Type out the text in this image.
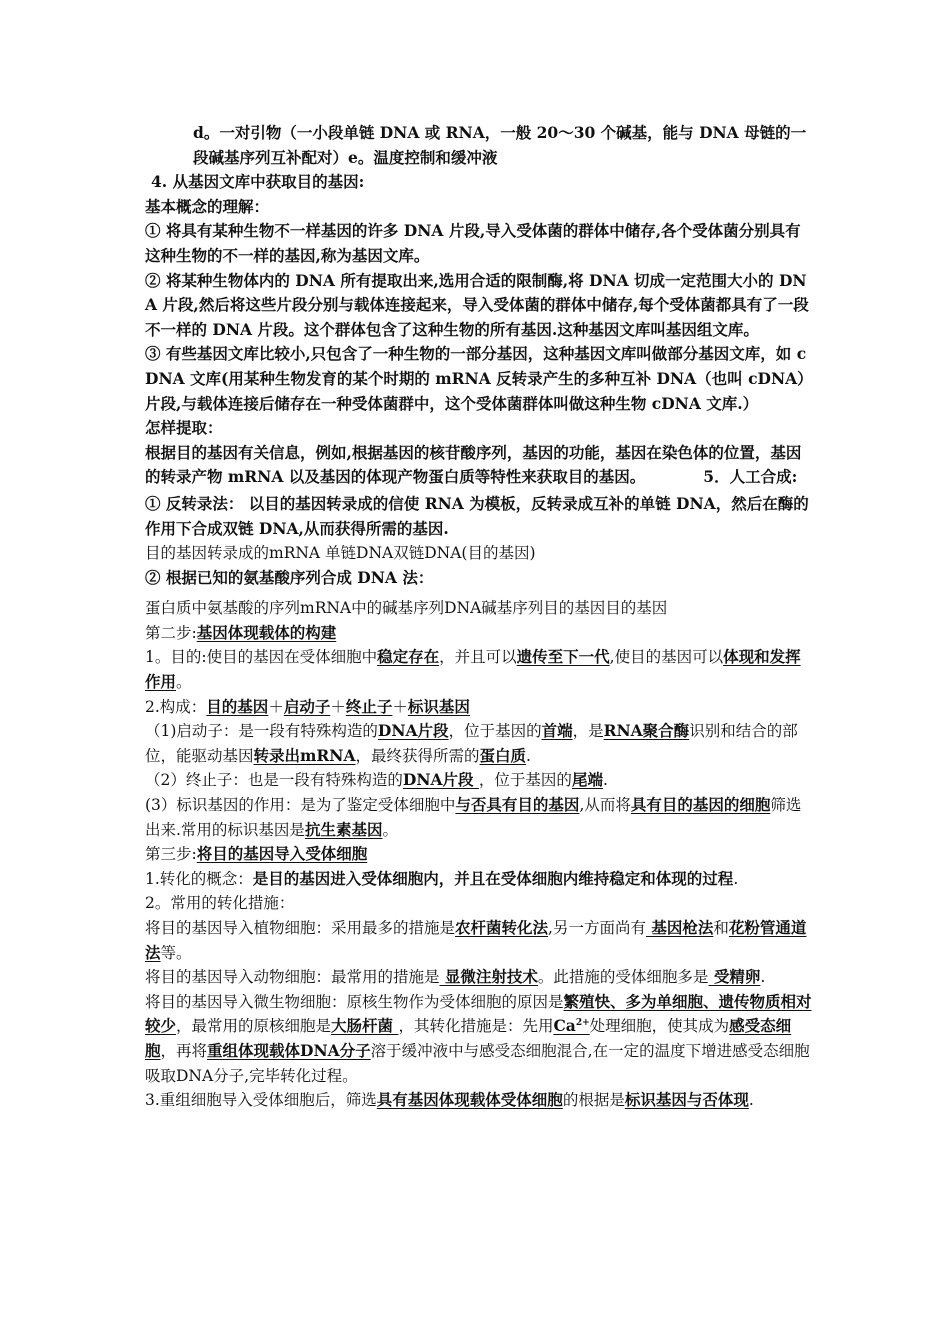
d。一对引物（一小段单链 DNA 或 RNA，一般 20～30 个碱基，能与 DNA 母链的一段碱基序列互补配对）e。温度控制和缓冲液

4. 从基因文库中获取目的基因:

基本概念的理解：

① 将具有某种生物不一样基因的许多 DNA 片段,导入受体菌的群体中储存,各个受体菌分别具有这种生物的不一样的基因,称为基因文库。

② 将某种生物体内的 DNA 所有提取出来,选用合适的限制酶,将 DNA 切成一定范围大小的 DNA 片段,然后将这些片段分别与载体连接起来，导入受体菌的群体中储存,每个受体菌都具有了一段不一样的 DNA 片段。这个群体包含了这种生物的所有基因.这种基因文库叫基因组文库。

③ 有些基因文库比较小,只包含了一种生物的一部分基因，这种基因文库叫做部分基因文库，如 cDNA 文库(用某种生物发育的某个时期的 mRNA 反转录产生的多种互补 DNA（也叫 cDNA）片段,与载体连接后储存在一种受体菌群中，这个受体菌群体叫做这种生物 cDNA 文库.）

怎样提取：

根据目的基因有关信息，例如,根据基因的核苷酸序列，基因的功能，基因在染色体的位置，基因的转录产物 mRNA 以及基因的体现产物蛋白质等特性来获取目的基因。	5．人工合成:

① 反转录法： 以目的基因转录成的信使 RNA 为模板，反转录成互补的单链 DNA，然后在酶的作用下合成双链 DNA,从而获得所需的基因.

目的基因转录成的mRNA 单链DNA双链DNA(目的基因)

② 根据已知的氨基酸序列合成 DNA 法：

蛋白质中氨基酸的序列mRNA中的碱基序列DNA碱基序列目的基因目的基因

第二步:基因体现载体的构建

1。目的:使目的基因在受体细胞中稳定存在，并且可以遗传至下一代,使目的基因可以体现和发挥作用。

2.构成：目的基因＋启动子＋终止子＋标识基因

（1)启动子：是一段有特殊构造的DNA片段，位于基因的首端，是RNA聚合酶识别和结合的部位，能驱动基因转录出mRNA，最终获得所需的蛋白质.

（2）终止子：也是一段有特殊构造的DNA片段 ，位于基因的尾端.

(3）标识基因的作用：是为了鉴定受体细胞中与否具有目的基因,从而将具有目的基因的细胞筛选出来.常用的标识基因是抗生素基因。

第三步:将目的基因导入受体细胞

1.转化的概念：是目的基因进入受体细胞内，并且在受体细胞内维持稳定和体现的过程.

2。常用的转化措施：

将目的基因导入植物细胞：采用最多的措施是农杆菌转化法,另一方面尚有 基因枪法和花粉管通道法等。

将目的基因导入动物细胞：最常用的措施是 显微注射技术。此措施的受体细胞多是 受精卵.

将目的基因导入微生物细胞：原核生物作为受体细胞的原因是繁殖快、多为单细胞、遗传物质相对较少，最常用的原核细胞是大肠杆菌 ，其转化措施是：先用$Ca^{2+}$处理细胞，使其成为感受态细胞，再将重组体现载体DNA分子溶于缓冲液中与感受态细胞混合,在一定的温度下增进感受态细胞吸取DNA分子,完毕转化过程。

3.重组细胞导入受体细胞后，筛选具有基因体现载体受体细胞的根据是标识基因与否体现.
